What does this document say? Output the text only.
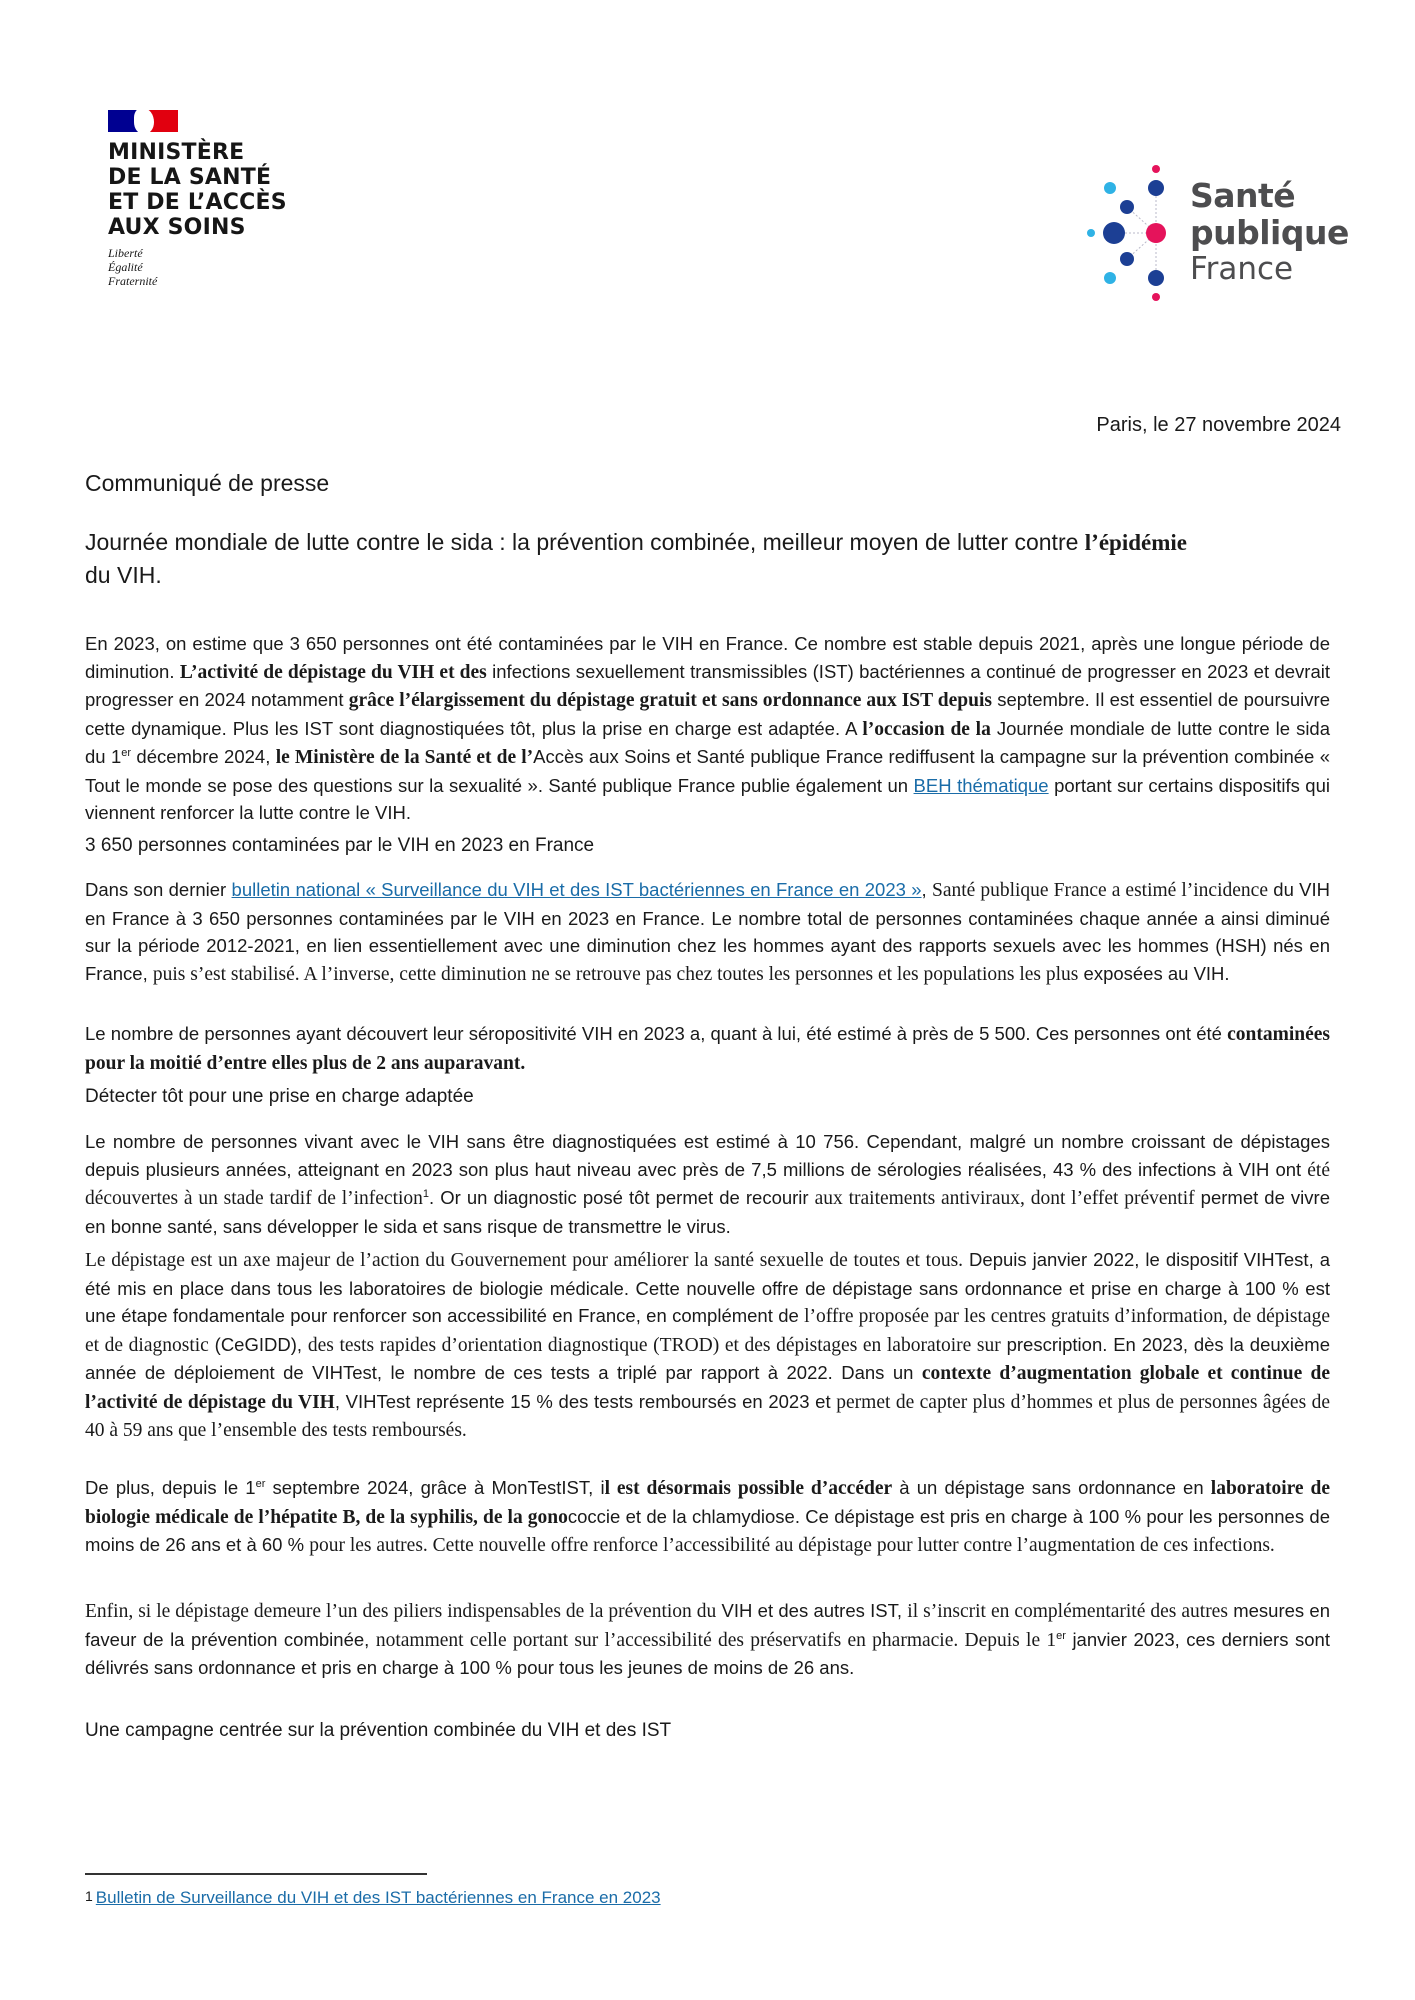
MINISTÈRE
DE LA SANTÉ
ET DE L’ACCÈS
AUX SOINS
Liberté
Égalité
Fraternité
Santé
publique
France
Paris, le 27 novembre 2024
Communiqué de presse
Journée mondiale de lutte contre le sida : la prévention combinée, meilleur moyen de lutter contre l’épidémie
du VIH.
En 2023, on estime que 3 650 personnes ont été contaminées par le VIH en France. Ce nombre est stable depuis 2021, après une longue période de diminution. L’activité de dépistage du VIH et des infections sexuellement transmissibles (IST) bactériennes a continué de progresser en 2023 et devrait progresser en 2024 notamment grâce l’élargissement du dépistage gratuit et sans ordonnance aux IST depuis septembre. Il est essentiel de poursuivre cette dynamique. Plus les IST sont diagnostiquées tôt, plus la prise en charge est adaptée. A l’occasion de la Journée mondiale de lutte contre le sida du 1er décembre 2024, le Ministère de la Santé et de l’Accès aux Soins et Santé publique France rediffusent la campagne sur la prévention combinée « Tout le monde se pose des questions sur la sexualité ». Santé publique France publie également un BEH thématique portant sur certains dispositifs qui viennent renforcer la lutte contre le VIH.
3 650 personnes contaminées par le VIH en 2023 en France
Dans son dernier bulletin national « Surveillance du VIH et des IST bactériennes en France en 2023 », Santé publique France a estimé l’incidence du VIH en France à 3 650 personnes contaminées par le VIH en 2023 en France. Le nombre total de personnes contaminées chaque année a ainsi diminué sur la période 2012-2021, en lien essentiellement avec une diminution chez les hommes ayant des rapports sexuels avec les hommes (HSH) nés en France, puis s’est stabilisé. A l’inverse, cette diminution ne se retrouve pas chez toutes les personnes et les populations les plus exposées au VIH.
Le nombre de personnes ayant découvert leur séropositivité VIH en 2023 a, quant à lui, été estimé à près de 5 500. Ces personnes ont été contaminées pour la moitié d’entre elles plus de 2 ans auparavant.
Détecter tôt pour une prise en charge adaptée
Le nombre de personnes vivant avec le VIH sans être diagnostiquées est estimé à 10 756. Cependant, malgré un nombre croissant de dépistages depuis plusieurs années, atteignant en 2023 son plus haut niveau avec près de 7,5 millions de sérologies réalisées, 43 % des infections à VIH ont été découvertes à un stade tardif de l’infection$^1$. Or un diagnostic posé tôt permet de recourir aux traitements antiviraux, dont l’effet préventif permet de vivre en bonne santé, sans développer le sida et sans risque de transmettre le virus.
Le dépistage est un axe majeur de l’action du Gouvernement pour améliorer la santé sexuelle de toutes et tous. Depuis janvier 2022, le dispositif VIHTest, a été mis en place dans tous les laboratoires de biologie médicale. Cette nouvelle offre de dépistage sans ordonnance et prise en charge à 100 % est une étape fondamentale pour renforcer son accessibilité en France, en complément de l’offre proposée par les centres gratuits d’information, de dépistage et de diagnostic (CeGIDD), des tests rapides d’orientation diagnostique (TROD) et des dépistages en laboratoire sur prescription. En 2023, dès la deuxième année de déploiement de VIHTest, le nombre de ces tests a triplé par rapport à 2022. Dans un contexte d’augmentation globale et continue de l’activité de dépistage du VIH, VIHTest représente 15 % des tests remboursés en 2023 et permet de capter plus d’hommes et plus de personnes âgées de 40 à 59 ans que l’ensemble des tests remboursés.
De plus, depuis le 1er septembre 2024, grâce à MonTestIST, il est désormais possible d’accéder à un dépistage sans ordonnance en laboratoire de biologie médicale de l’hépatite B, de la syphilis, de la gonococcie et de la chlamydiose. Ce dépistage est pris en charge à 100 % pour les personnes de moins de 26 ans et à 60 % pour les autres. Cette nouvelle offre renforce l’accessibilité au dépistage pour lutter contre l’augmentation de ces infections.
Enfin, si le dépistage demeure l’un des piliers indispensables de la prévention du VIH et des autres IST, il s’inscrit en complémentarité des autres mesures en faveur de la prévention combinée, notamment celle portant sur l’accessibilité des préservatifs en pharmacie. Depuis le 1er janvier 2023, ces derniers sont délivrés sans ordonnance et pris en charge à 100 % pour tous les jeunes de moins de 26 ans.
Une campagne centrée sur la prévention combinée du VIH et des IST
$^1$ Bulletin de Surveillance du VIH et des IST bactériennes en France en 2023
